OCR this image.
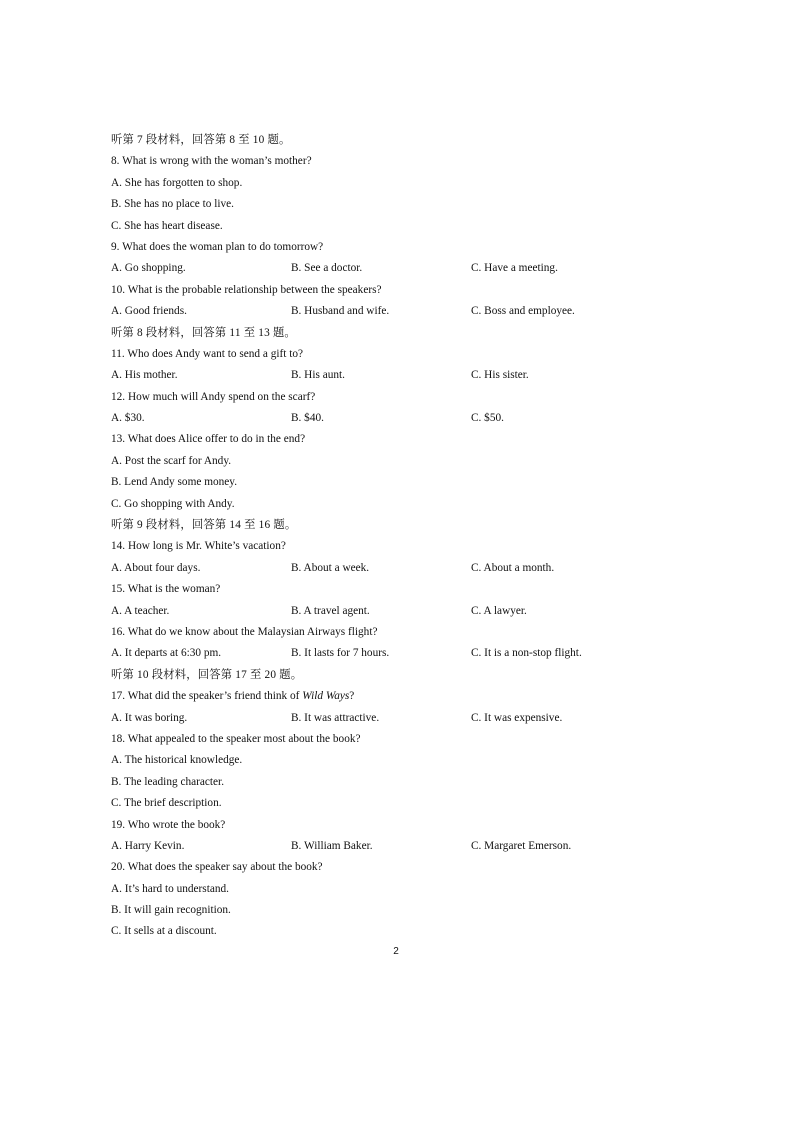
听第 7 段材料，回答第 8 至 10 题。
8. What is wrong with the woman’s mother?
A. She has forgotten to shop.
B. She has no place to live.
C. She has heart disease.
9. What does the woman plan to do tomorrow?
A. Go shopping.	B. See a doctor.	C. Have a meeting.
10. What is the probable relationship between the speakers?
A. Good friends.	B. Husband and wife.	C. Boss and employee.
听第 8 段材料，回答第 11 至 13 题。
11. Who does Andy want to send a gift to?
A. His mother.	B. His aunt.	C. His sister.
12. How much will Andy spend on the scarf?
A. $30.	B. $40.	C. $50.
13. What does Alice offer to do in the end?
A. Post the scarf for Andy.
B. Lend Andy some money.
C. Go shopping with Andy.
听第 9 段材料，回答第 14 至 16 题。
14. How long is Mr. White’s vacation?
A. About four days.	B. About a week.	C. About a month.
15. What is the woman?
A. A teacher.	B. A travel agent.	C. A lawyer.
16. What do we know about the Malaysian Airways flight?
A. It departs at 6:30 pm.	B. It lasts for 7 hours.	C. It is a non-stop flight.
听第 10 段材料，回答第 17 至 20 题。
17. What did the speaker’s friend think of Wild Ways?
A. It was boring.	B. It was attractive.	C. It was expensive.
18. What appealed to the speaker most about the book?
A. The historical knowledge.
B. The leading character.
C. The brief description.
19. Who wrote the book?
A. Harry Kevin.	B. William Baker.	C. Margaret Emerson.
20. What does the speaker say about the book?
A. It’s hard to understand.
B. It will gain recognition.
C. It sells at a discount.
2
